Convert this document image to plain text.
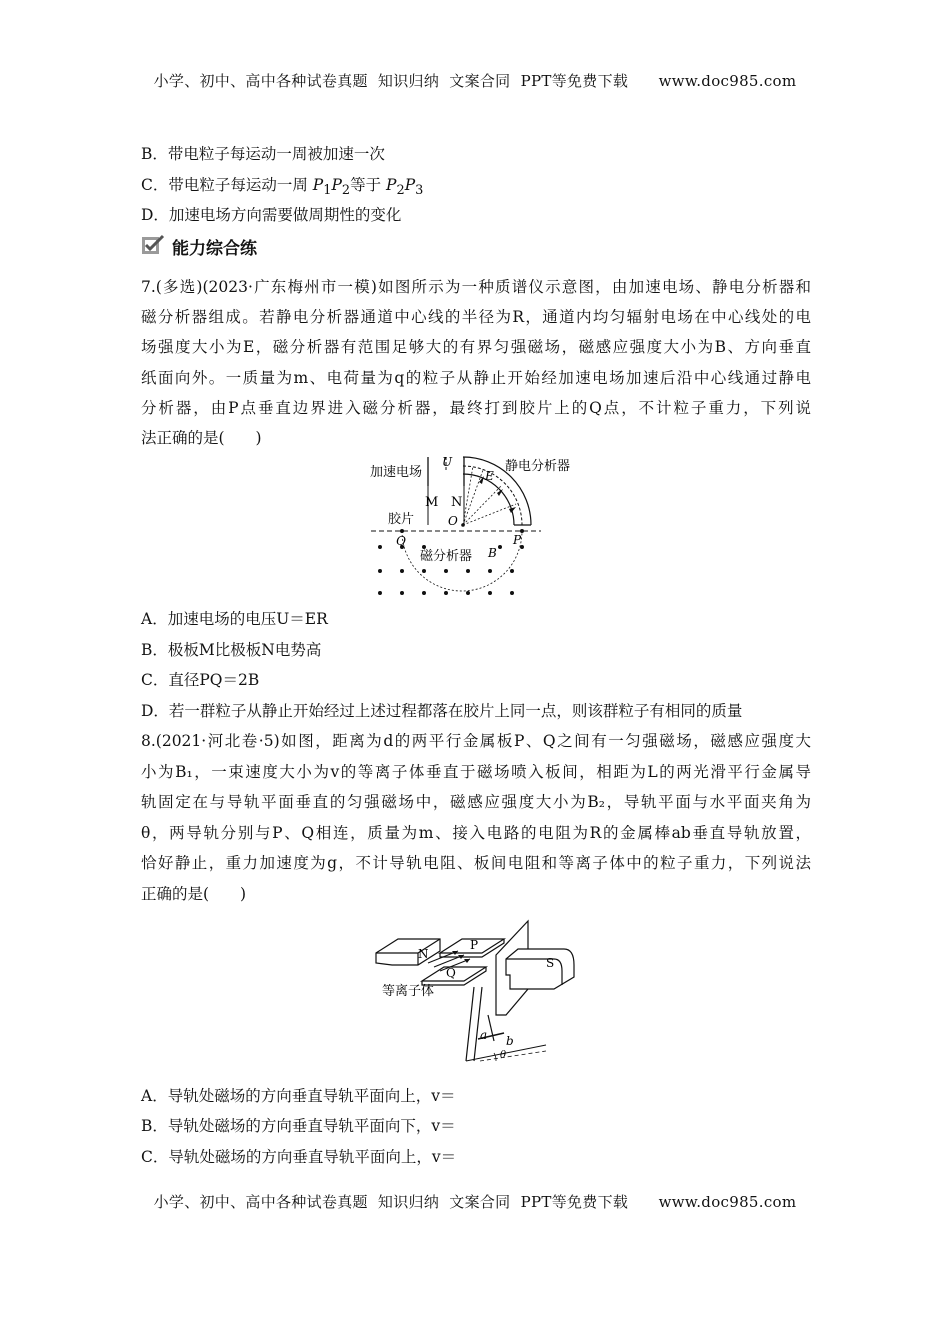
小学、初中、高中各种试卷真题  知识归纳  文案合同  PPT等免费下载      www.doc985.com
B．带电粒子每运动一周被加速一次
C．带电粒子每运动一周 $P_1P_2$等于 $P_2P_3$
D．加速电场方向需要做周期性的变化
能力综合练
7.(多选)(2023·广东梅州市一模)如图所示为一种质谱仪示意图，由加速电场、静电分析器和
磁分析器组成。若静电分析器通道中心线的半径为R，通道内均匀辐射电场在中心线处的电
场强度大小为E，磁分析器有范围足够大的有界匀强磁场，磁感应强度大小为B、方向垂直
纸面向外。一质量为m、电荷量为q的粒子从静止开始经加速电场加速后沿中心线通过静电
分析器，由P点垂直边界进入磁分析器，最终打到胶片上的Q点，不计粒子重力，下列说
法正确的是(　　)
加速电场
U
E
静电分析器
M N
O
胶片
Q	P
磁分析器 B
A．加速电场的电压U＝ER
B．极板M比极板N电势高
C．直径PQ＝2B
D．若一群粒子从静止开始经过上述过程都落在胶片上同一点，则该群粒子有相同的质量
8.(2021·河北卷·5)如图，距离为d的两平行金属板P、Q之间有一匀强磁场，磁感应强度大
小为B₁，一束速度大小为v的等离子体垂直于磁场喷入板间，相距为L的两光滑平行金属导
轨固定在与导轨平面垂直的匀强磁场中，磁感应强度大小为B₂，导轨平面与水平面夹角为
θ，两导轨分别与P、Q相连，质量为m、接入电路的电阻为R的金属棒ab垂直导轨放置，
恰好静止，重力加速度为g，不计导轨电阻、板间电阻和等离子体中的粒子重力，下列说法
正确的是(　　)
N
P
Q
S
等离子体
a b
θ
A．导轨处磁场的方向垂直导轨平面向上，v＝
B．导轨处磁场的方向垂直导轨平面向下，v＝
C．导轨处磁场的方向垂直导轨平面向上，v＝
小学、初中、高中各种试卷真题  知识归纳  文案合同  PPT等免费下载      www.doc985.com
